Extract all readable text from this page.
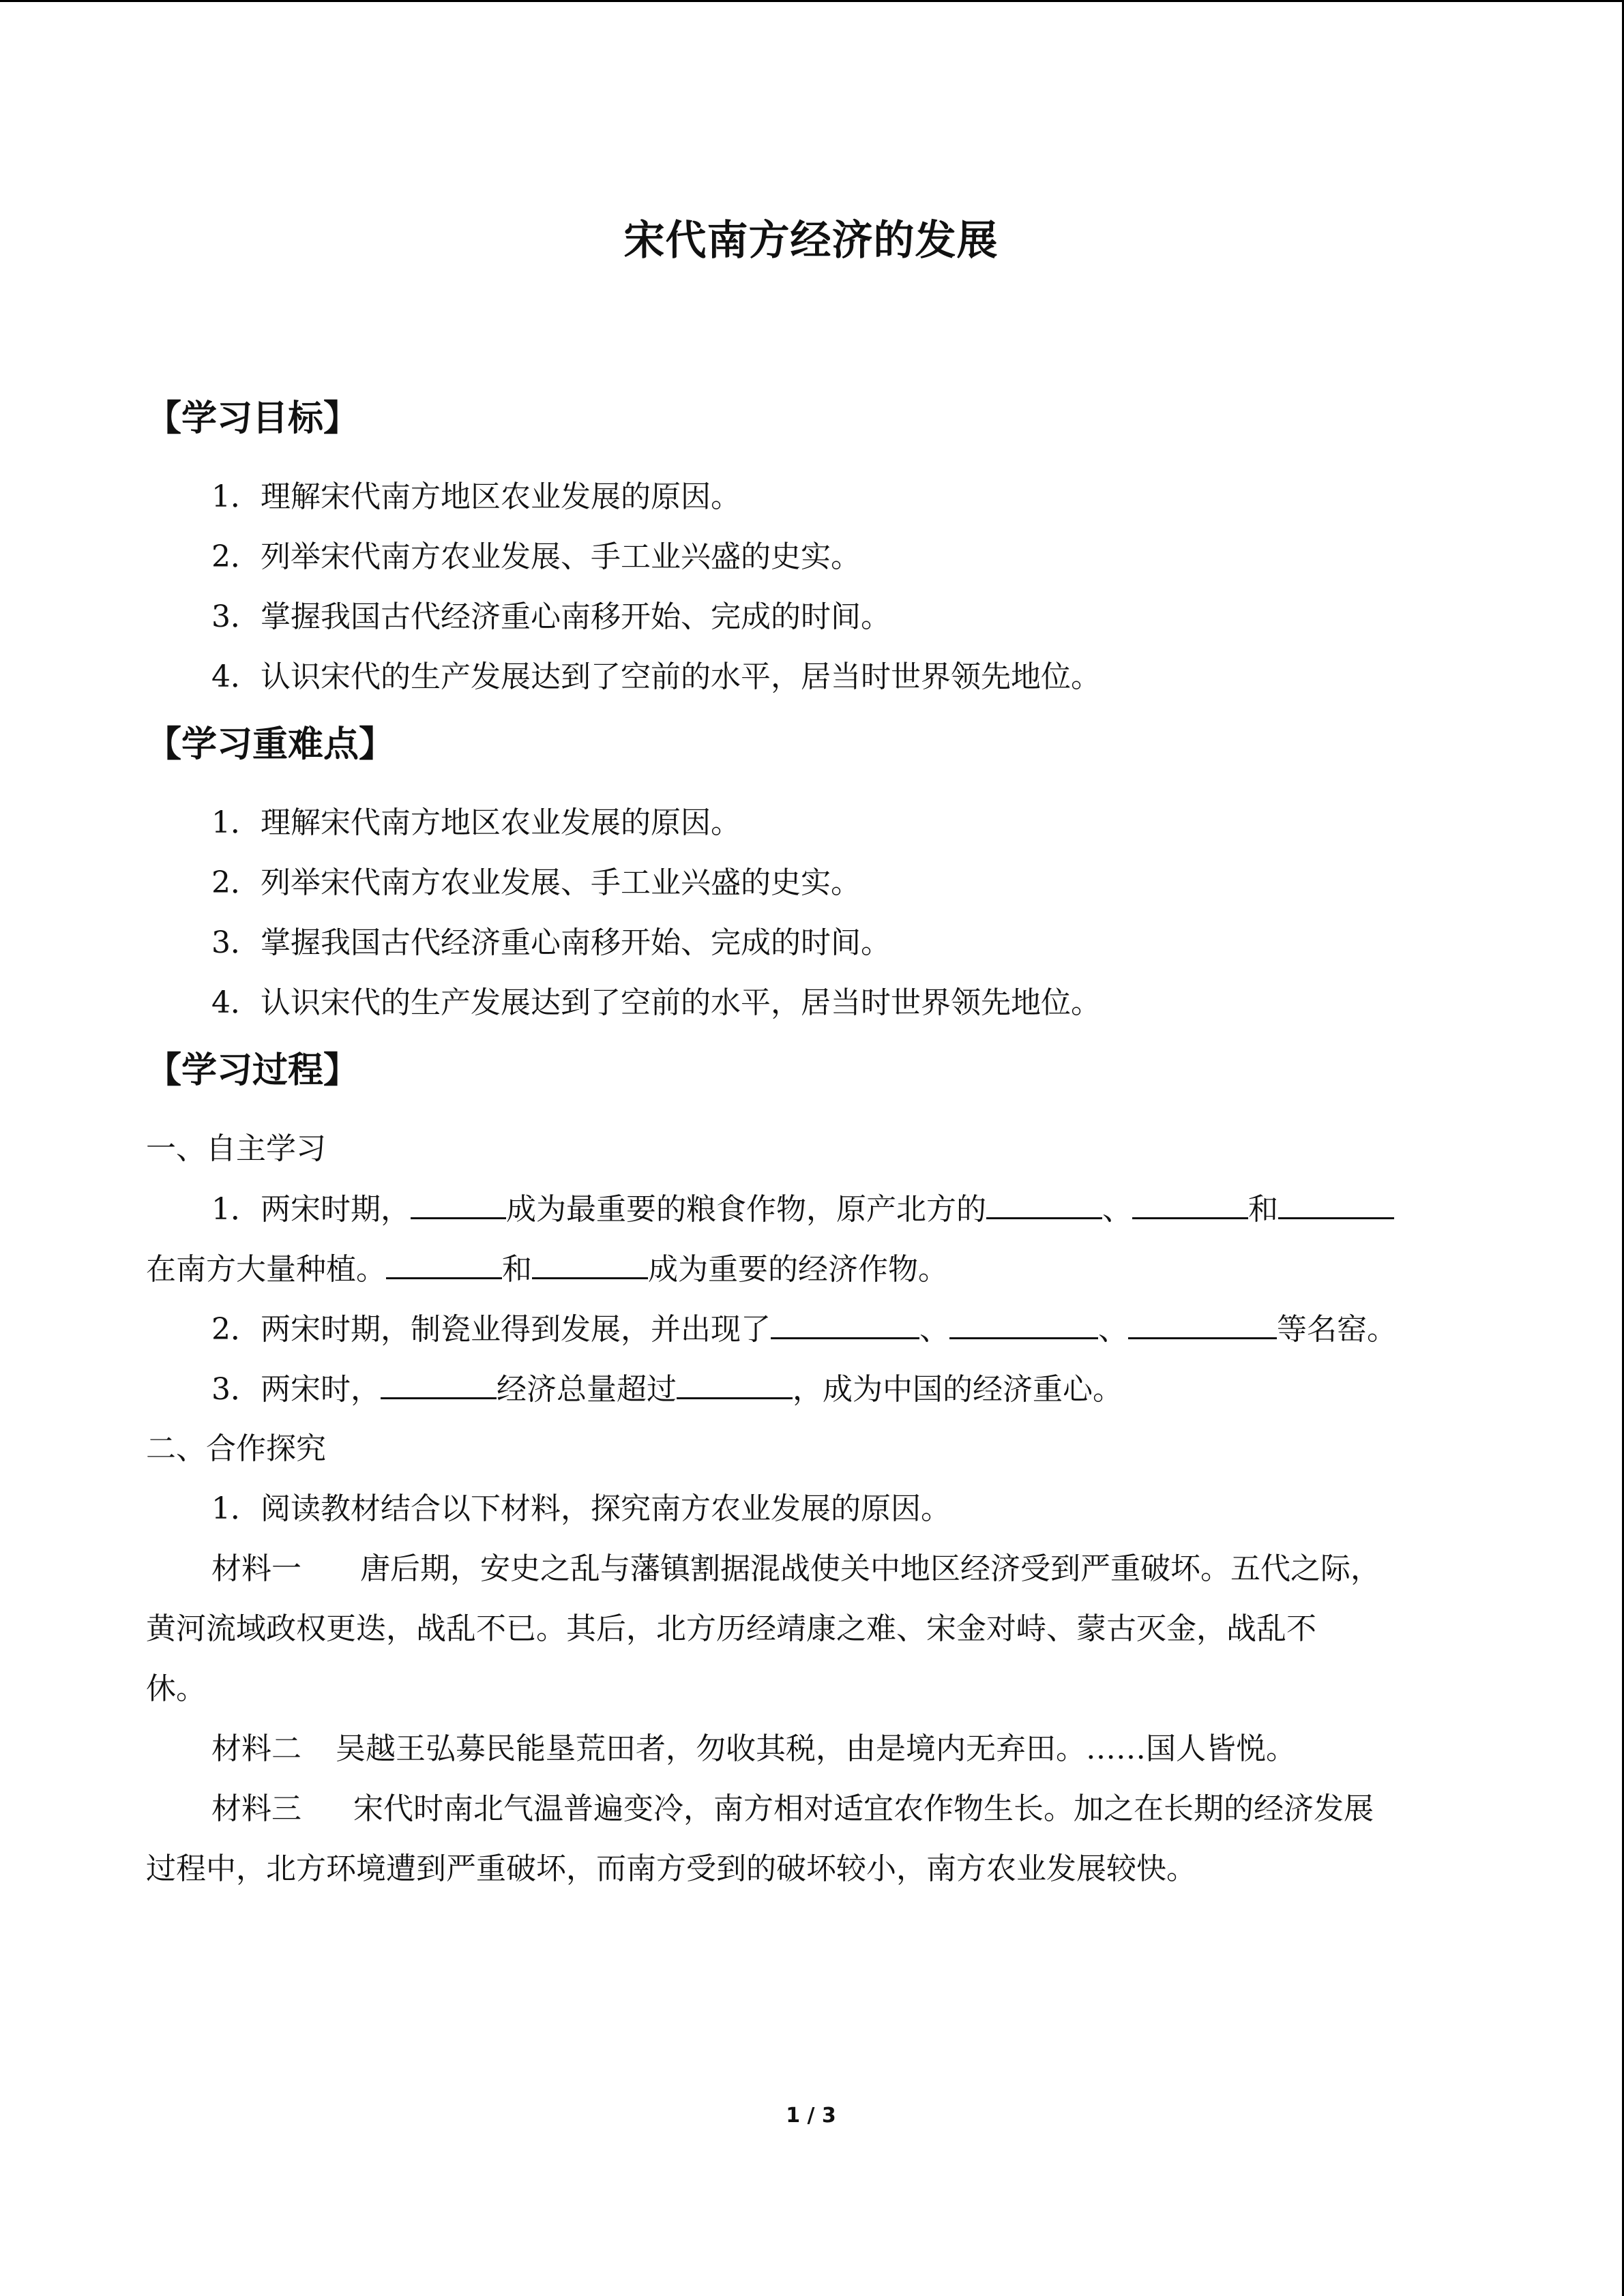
宋代南方经济的发展
【学习目标】
1．理解宋代南方地区农业发展的原因。
2．列举宋代南方农业发展、手工业兴盛的史实。
3．掌握我国古代经济重心南移开始、完成的时间。
4．认识宋代的生产发展达到了空前的水平，居当时世界领先地位。
【学习重难点】
1．理解宋代南方地区农业发展的原因。
2．列举宋代南方农业发展、手工业兴盛的史实。
3．掌握我国古代经济重心南移开始、完成的时间。
4．认识宋代的生产发展达到了空前的水平，居当时世界领先地位。
【学习过程】
一、自主学习
1．两宋时期，	成为最重要的粮食作物，原产北方的	、	和
在南方大量种植。	和	成为重要的经济作物。
2．两宋时期，制瓷业得到发展，并出现了	、	、	等名窑。
3．两宋时，	经济总量超过	，成为中国的经济重心。
二、合作探究
1．阅读教材结合以下材料，探究南方农业发展的原因。
材料一 唐后期，安史之乱与藩镇割据混战使关中地区经济受到严重破坏。五代之际，
黄河流域政权更迭，战乱不已。其后，北方历经靖康之难、宋金对峙、蒙古灭金，战乱不
休。
材料二 吴越王弘募民能垦荒田者，勿收其税，由是境内无弃田。……国人皆悦。
材料三 宋代时南北气温普遍变冷，南方相对适宜农作物生长。加之在长期的经济发展
过程中，北方环境遭到严重破坏，而南方受到的破坏较小，南方农业发展较快。
1 / 3
